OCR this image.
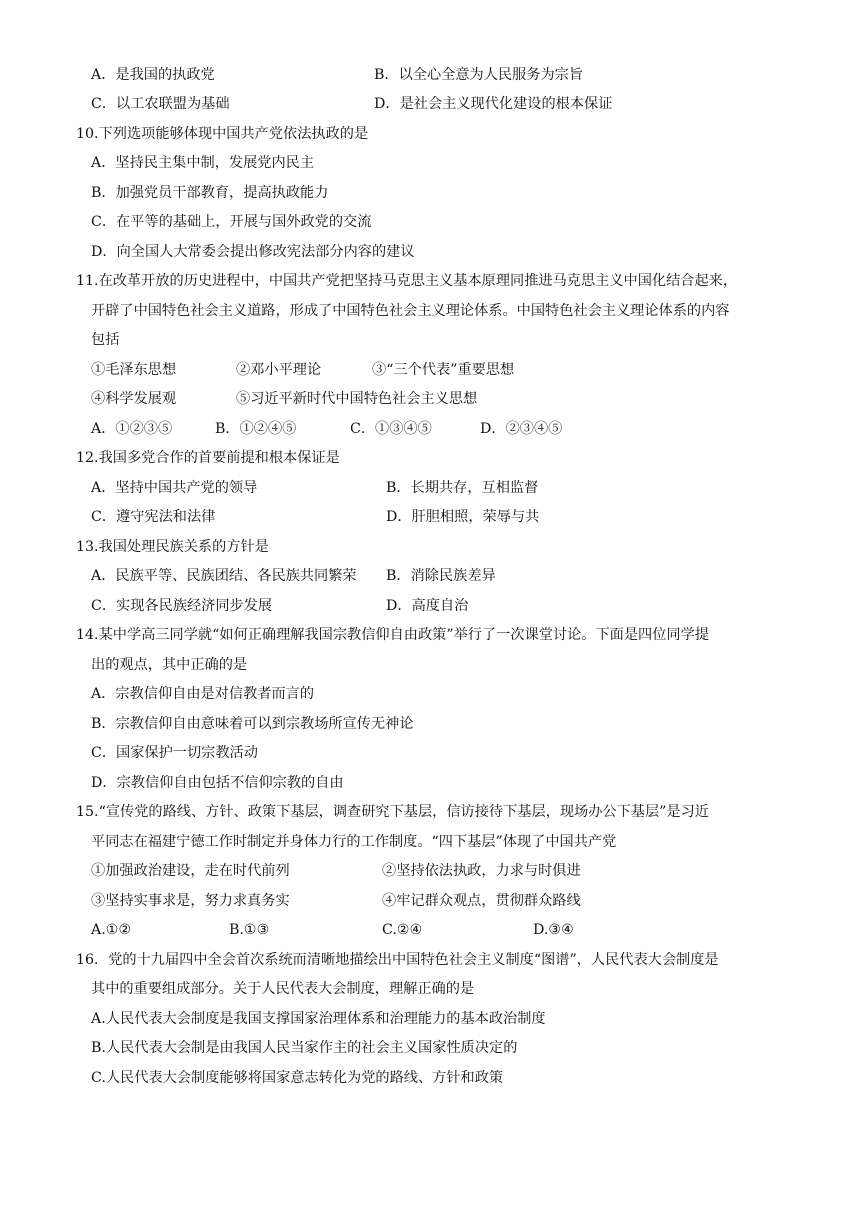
A．是我国的执政党	B．以全心全意为人民服务为宗旨
C．以工农联盟为基础	D．是社会主义现代化建设的根本保证
10.下列选项能够体现中国共产党依法执政的是
A．坚持民主集中制，发展党内民主
B．加强党员干部教育，提高执政能力
C．在平等的基础上，开展与国外政党的交流
D．向全国人大常委会提出修改宪法部分内容的建议
11.在改革开放的历史进程中，中国共产党把坚持马克思主义基本原理同推进马克思主义中国化结合起来，
开辟了中国特色社会主义道路，形成了中国特色社会主义理论体系。中国特色社会主义理论体系的内容
包括
①毛泽东思想	②邓小平理论	③“三个代表”重要思想
④科学发展观	⑤习近平新时代中国特色社会主义思想
A．①②③⑤	B．①②④⑤	C．①③④⑤	D．②③④⑤
12.我国多党合作的首要前提和根本保证是
A．坚持中国共产党的领导	B．长期共存，互相监督
C．遵守宪法和法律	D．肝胆相照，荣辱与共
13.我国处理民族关系的方针是
A．民族平等、民族团结、各民族共同繁荣 B．消除民族差异
C．实现各民族经济同步发展	D．高度自治
14.某中学高三同学就“如何正确理解我国宗教信仰自由政策”举行了一次课堂讨论。下面是四位同学提
出的观点，其中正确的是
A．宗教信仰自由是对信教者而言的
B．宗教信仰自由意味着可以到宗教场所宣传无神论
C．国家保护一切宗教活动
D．宗教信仰自由包括不信仰宗教的自由
15.“宣传党的路线、方针、政策下基层，调查研究下基层，信访接待下基层，现场办公下基层”是习近
平同志在福建宁德工作时制定并身体力行的工作制度。“四下基层”体现了中国共产党
①加强政治建设，走在时代前列	②坚持依法执政，力求与时俱进
③坚持实事求是，努力求真务实	④牢记群众观点，贯彻群众路线
A.①②	B.①③	C.②④	D.③④
16．党的十九届四中全会首次系统而清晰地描绘出中国特色社会主义制度“图谱”，人民代表大会制度是
其中的重要组成部分。关于人民代表大会制度，理解正确的是
A.人民代表大会制度是我国支撑国家治理体系和治理能力的基本政治制度
B.人民代表大会制是由我国人民当家作主的社会主义国家性质决定的
C.人民代表大会制度能够将国家意志转化为党的路线、方针和政策
